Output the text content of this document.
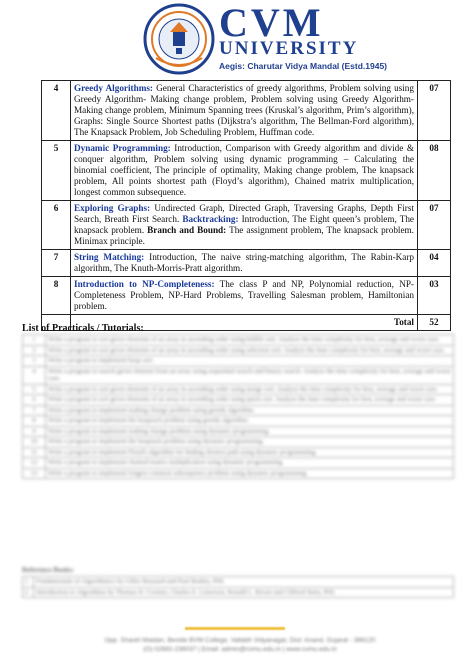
CVM
UNIVERSITY
Aegis: Charutar Vidya Mandal (Estd.1945)
4	Greedy Algorithms: General Characteristics of greedy algorithms, Problem solving using Greedy Algorithm- Making change problem, Problem solving using Greedy Algorithm- Making change problem, Minimum Spanning trees (Kruskal’s algorithm, Prim’s algorithm), Graphs: Single Source Shortest paths (Dijkstra’s algorithm, The Bellman-Ford algorithm), The Knapsack Problem, Job Scheduling Problem, Huffman code.	07
5	Dynamic Programming: Introduction, Comparison with Greedy algorithm and divide & conquer algorithm, Problem solving using dynamic programming – Calculating the binomial coefficient, The principle of optimality, Making change problem, The knapsack problem, All points shortest path (Floyd’s algorithm), Chained matrix multiplication, longest common subsequence.	08
6	Exploring Graphs: Undirected Graph, Directed Graph, Traversing Graphs, Depth First Search, Breath First Search. Backtracking: Introduction, The Eight queen’s problem, The knapsack problem. Branch and Bound: The assignment problem, The knapsack problem. Minimax principle.	07
7	String Matching: Introduction, The naive string-matching algorithm, The Rabin-Karp algorithm, The Knuth-Morris-Pratt algorithm.	04
8	Introduction to NP-Completeness: The class P and NP, Polynomial reduction, NP-Completeness Problem, NP-Hard Problems, Travelling Salesman problem, Hamiltonian problem.	03
	Total	52
List of Practicals / Tutorials:
1	Write a program to sort given elements of an array in ascending order using bubble sort. Analyze the time complexity for best, average and worst case.
2	Write a program to sort given elements of an array in ascending order using selection sort. Analyze the time complexity for best, average and worst case.
3	Write a program to implement heap sort.
4	Write a program to search given element from an array using sequential search and binary search. Analyze the time complexity for best, average and worst case.
5	Write a program to sort given elements of an array in ascending order using merge sort. Analyze the time complexity for best, average and worst case.
6	Write a program to sort given elements of an array in ascending order using quick sort. Analyze the time complexity for best, average and worst case.
7	Write a program to implement making change problem using greedy algorithm.
8	Write a program to implement the knapsack problem using greedy algorithm.
9	Write a program to implement making change problem using dynamic programming.
10	Write a program to implement the knapsack problem using dynamic programming.
11	Write a program to implement Floyd's algorithm for finding shortest path using dynamic programming.
12	Write a program to implement chained matrix multiplication using dynamic programming.
13	Write a program to implement longest common subsequence problem using dynamic programming.
Reference Books:
1	Fundamentals of Algorithmics by Gilles Brassard and Paul Bratley, PHI.
2	Introduction to Algorithms by Thomas H. Cormen, Charles E. Leiserson, Ronald L. Rivest and Clifford Stein, PHI.
Opp. Shastri Maidan, Beside BVM College, Vallabh Vidyanagar, Dist: Anand, Gujarat - 388120
(O) 02692-236037 | Email: admin@cvmu.edu.in | www.cvmu.edu.in
